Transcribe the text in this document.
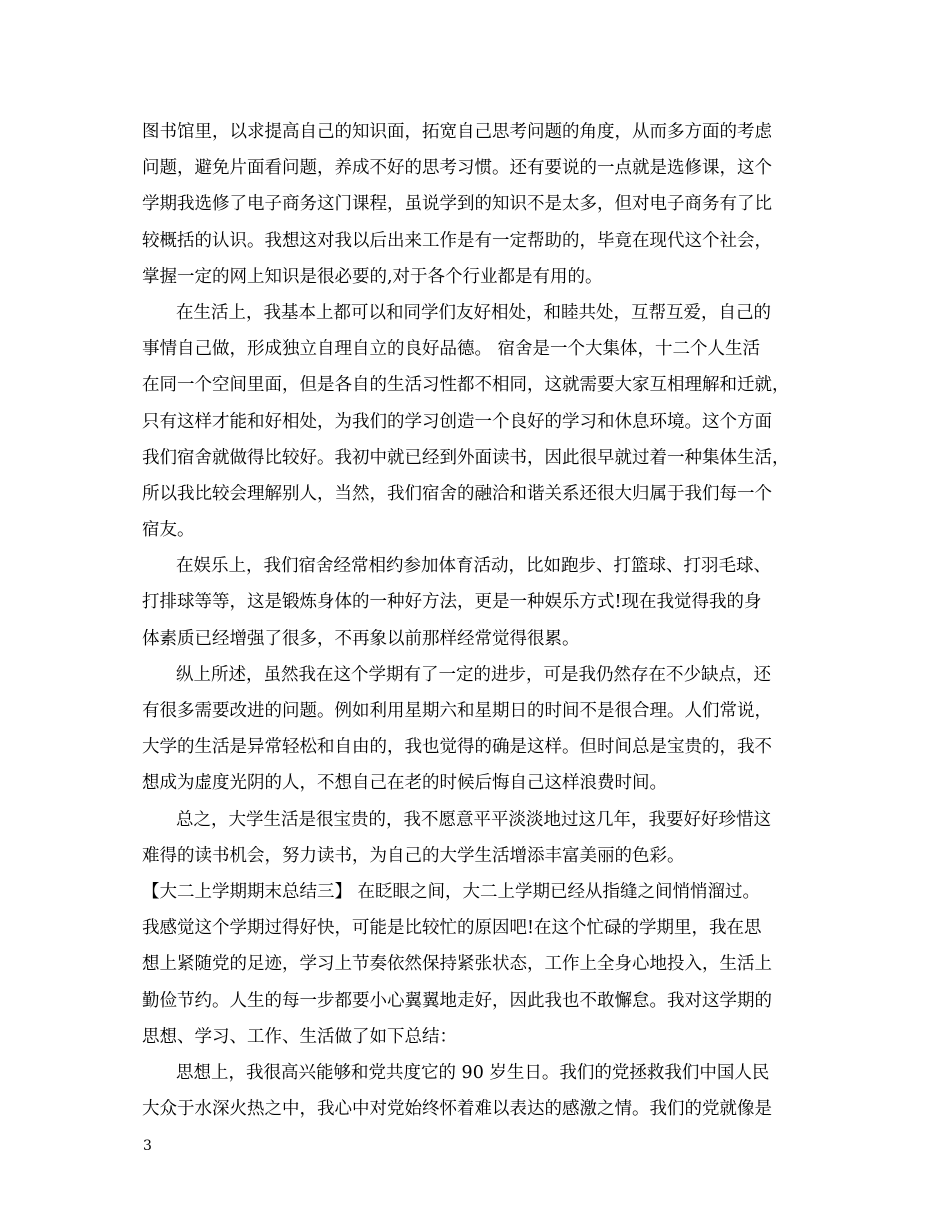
图书馆里，以求提高自己的知识面，拓宽自己思考问题的角度，从而多方面的考虑
问题，避免片面看问题，养成不好的思考习惯。还有要说的一点就是选修课，这个
学期我选修了电子商务这门课程，虽说学到的知识不是太多，但对电子商务有了比
较概括的认识。我想这对我以后出来工作是有一定帮助的，毕竟在现代这个社会，
掌握一定的网上知识是很必要的,对于各个行业都是有用的。
在生活上，我基本上都可以和同学们友好相处，和睦共处，互帮互爱，自己的
事情自己做，形成独立自理自立的良好品德。 宿舍是一个大集体，十二个人生活
在同一个空间里面，但是各自的生活习性都不相同，这就需要大家互相理解和迁就，
只有这样才能和好相处，为我们的学习创造一个良好的学习和休息环境。这个方面
我们宿舍就做得比较好。我初中就已经到外面读书，因此很早就过着一种集体生活，
所以我比较会理解别人，当然，我们宿舍的融洽和谐关系还很大归属于我们每一个
宿友。
在娱乐上，我们宿舍经常相约参加体育活动，比如跑步、打篮球、打羽毛球、
打排球等等，这是锻炼身体的一种好方法，更是一种娱乐方式!现在我觉得我的身
体素质已经增强了很多，不再象以前那样经常觉得很累。
纵上所述，虽然我在这个学期有了一定的进步，可是我仍然存在不少缺点，还
有很多需要改进的问题。例如利用星期六和星期日的时间不是很合理。人们常说，
大学的生活是异常轻松和自由的，我也觉得的确是这样。但时间总是宝贵的，我不
想成为虚度光阴的人，不想自己在老的时候后悔自己这样浪费时间。
总之，大学生活是很宝贵的，我不愿意平平淡淡地过这几年，我要好好珍惜这
难得的读书机会，努力读书，为自己的大学生活增添丰富美丽的色彩。
【大二上学期期末总结三】 在眨眼之间，大二上学期已经从指缝之间悄悄溜过。
我感觉这个学期过得好快，可能是比较忙的原因吧!在这个忙碌的学期里，我在思
想上紧随党的足迹，学习上节奏依然保持紧张状态，工作上全身心地投入，生活上
勤俭节约。人生的每一步都要小心翼翼地走好，因此我也不敢懈怠。我对这学期的
思想、学习、工作、生活做了如下总结：
思想上，我很高兴能够和党共度它的 90 岁生日。我们的党拯救我们中国人民
大众于水深火热之中，我心中对党始终怀着难以表达的感激之情。我们的党就像是
3
